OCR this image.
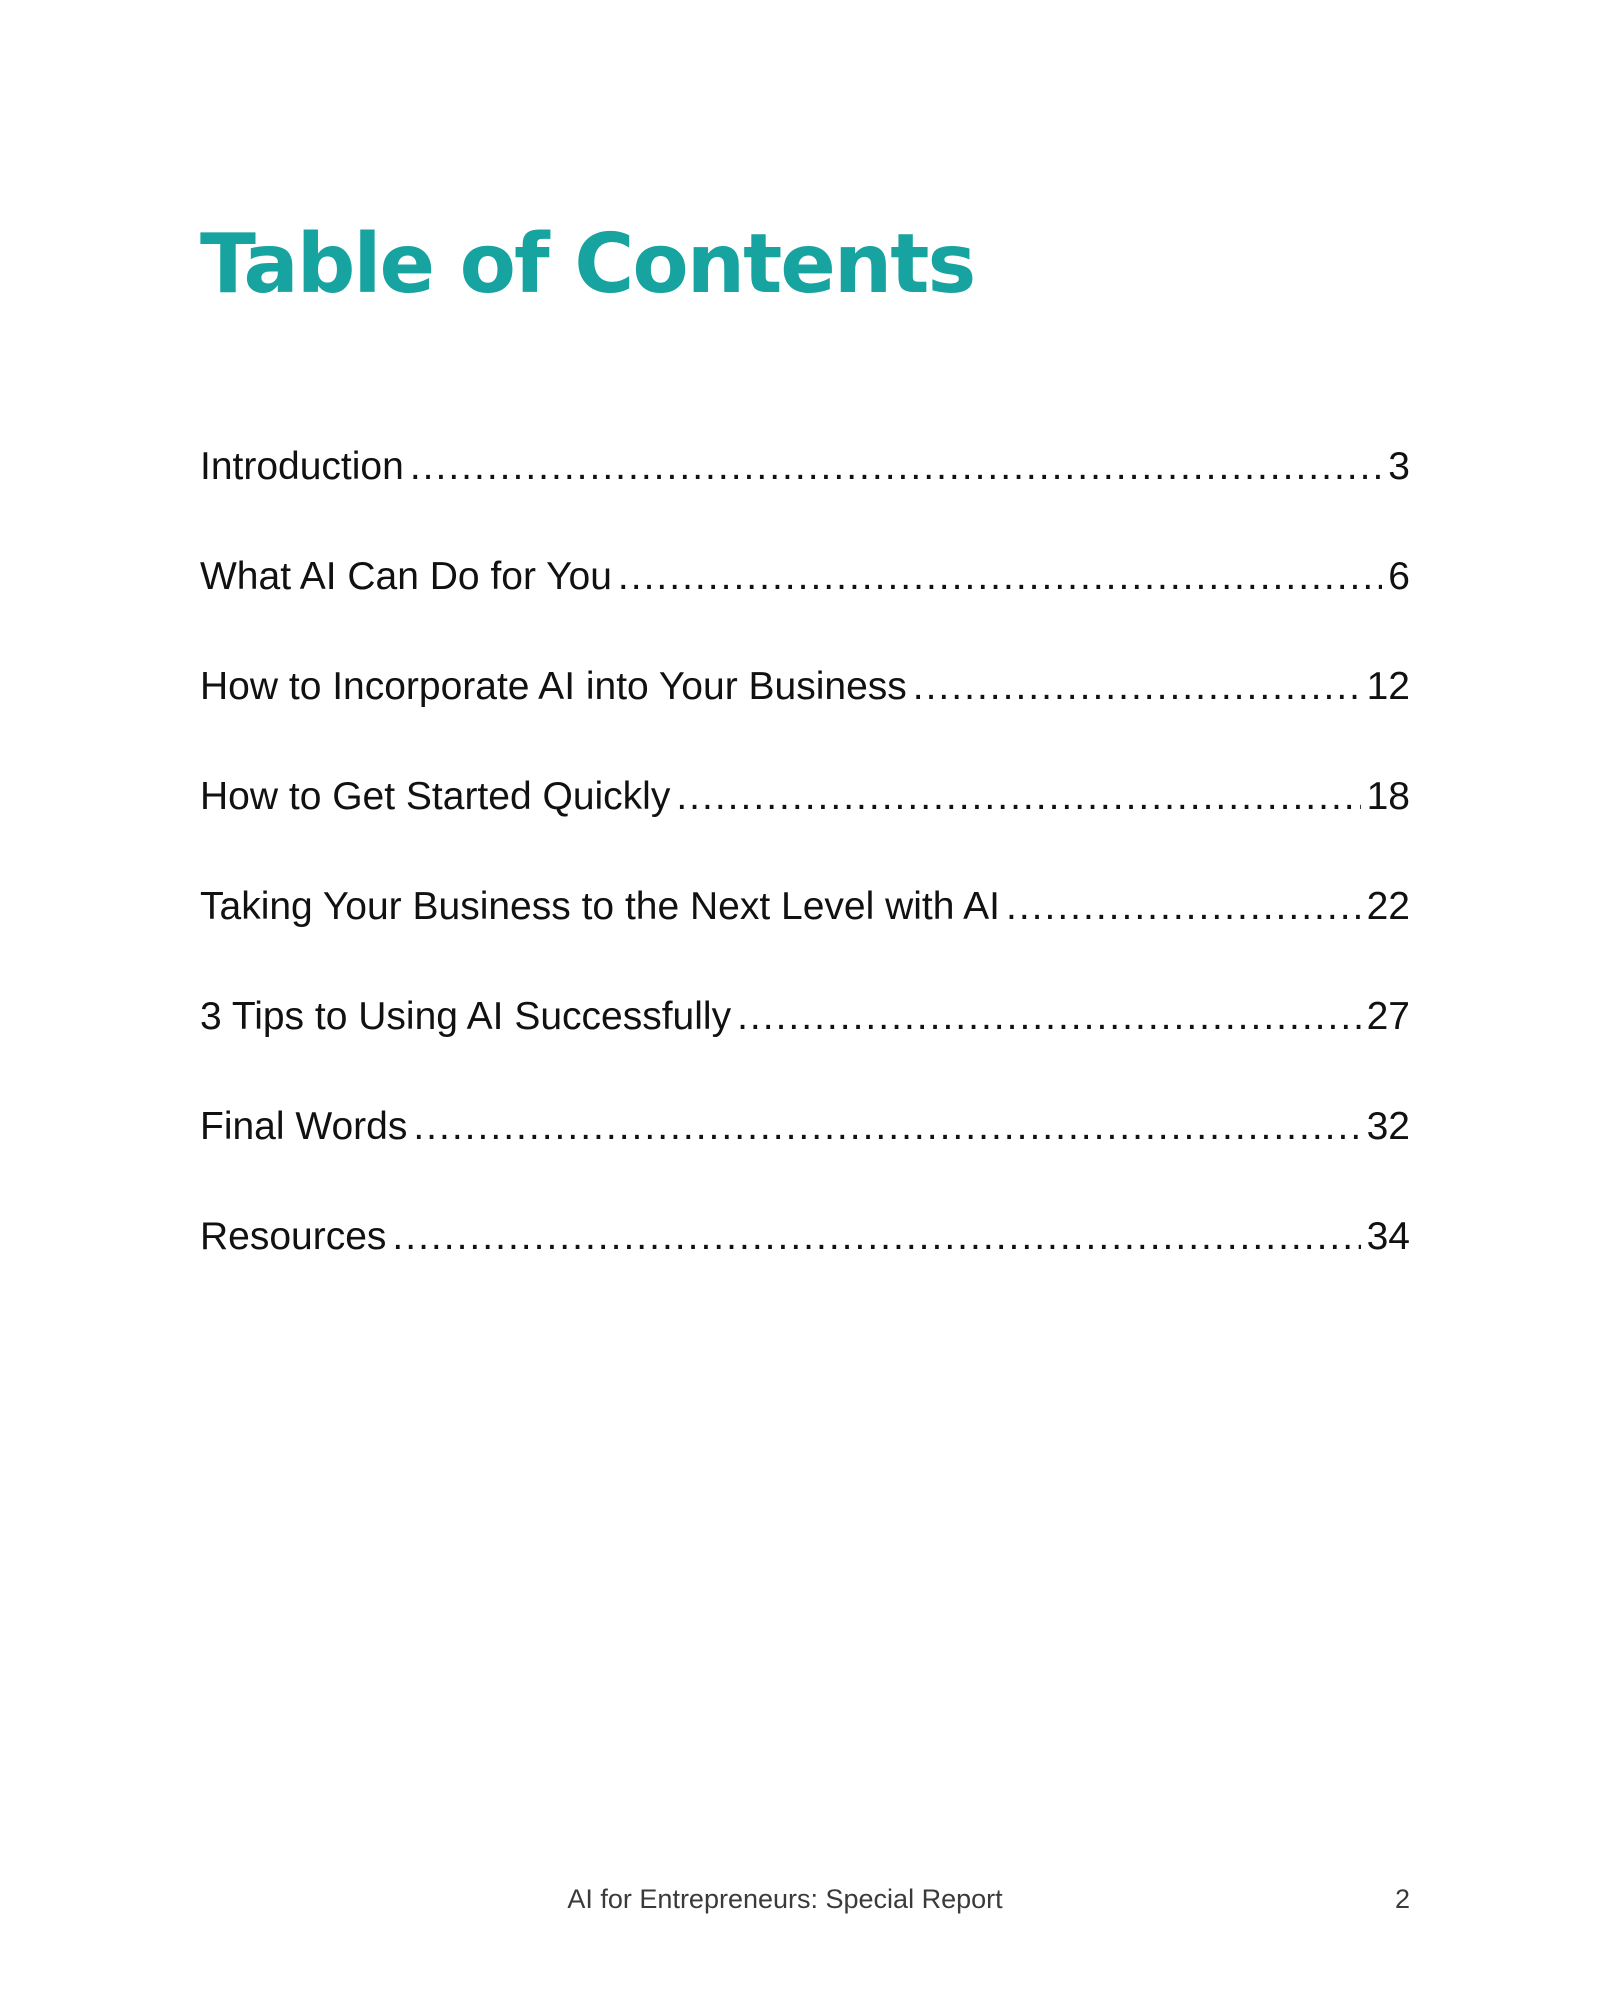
Table of Contents
Introduction .....	3
What AI Can Do for You .....	6
How to Incorporate AI into Your Business .....	12
How to Get Started Quickly .....	18
Taking Your Business to the Next Level with AI .....	22
3 Tips to Using AI Successfully .....	27
Final Words .....	32
Resources .....	34
AI for Entrepreneurs: Special Report	2
